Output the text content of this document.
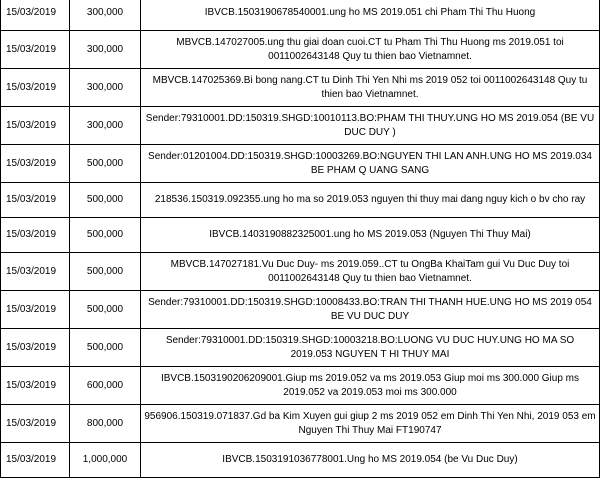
15/03/2019	300,000	IBVCB.1503190678540001.ung ho MS 2019.051 chi Pham Thi Thu Huong
15/03/2019	300,000	MBVCB.147027005.ung thu giai doan cuoi.CT tu Pham Thi Thu Huong ms 2019.051 toi 0011002643148 Quy tu thien bao Vietnamnet.
15/03/2019	300,000	MBVCB.147025369.Bi bong nang.CT tu Dinh Thi Yen Nhi ms 2019 052 toi 0011002643148 Quy tu thien bao Vietnamnet.
15/03/2019	300,000	Sender:79310001.DD:150319.SHGD:10010113.BO:PHAM THI THUY.UNG HO MS 2019.054 (BE VU DUC DUY )
15/03/2019	500,000	Sender:01201004.DD:150319.SHGD:10003269.BO:NGUYEN THI LAN ANH.UNG HO MS 2019.034 BE PHAM Q UANG SANG
15/03/2019	500,000	218536.150319.092355.ung ho ma so 2019.053 nguyen thi thuy mai dang nguy kich o bv cho ray
15/03/2019	500,000	IBVCB.1403190882325001.ung ho MS 2019.053 (Nguyen Thi Thuy Mai)
15/03/2019	500,000	MBVCB.147027181.Vu Duc Duy- ms 2019.059..CT tu OngBa KhaiTam gui Vu Duc Duy toi 0011002643148 Quy tu thien bao Vietnamnet.
15/03/2019	500,000	Sender:79310001.DD:150319.SHGD:10008433.BO:TRAN THI THANH HUE.UNG HO MS 2019 054 BE VU DUC DUY
15/03/2019	500,000	Sender:79310001.DD:150319.SHGD:10003218.BO:LUONG VU DUC HUY.UNG HO MA SO 2019.053 NGUYEN T HI THUY MAI
15/03/2019	600,000	IBVCB.1503190206209001.Giup ms 2019.052 va ms 2019.053 Giup moi ms 300.000 Giup ms 2019.052 va 2019.053 moi ms 300.000
15/03/2019	800,000	956906.150319.071837.Gd ba Kim Xuyen gui giup 2 ms 2019 052 em Dinh Thi Yen Nhi, 2019 053 em Nguyen Thi Thuy Mai FT190747
15/03/2019	1,000,000	IBVCB.1503191036778001.Ung ho MS 2019.054 (be Vu Duc Duy)
